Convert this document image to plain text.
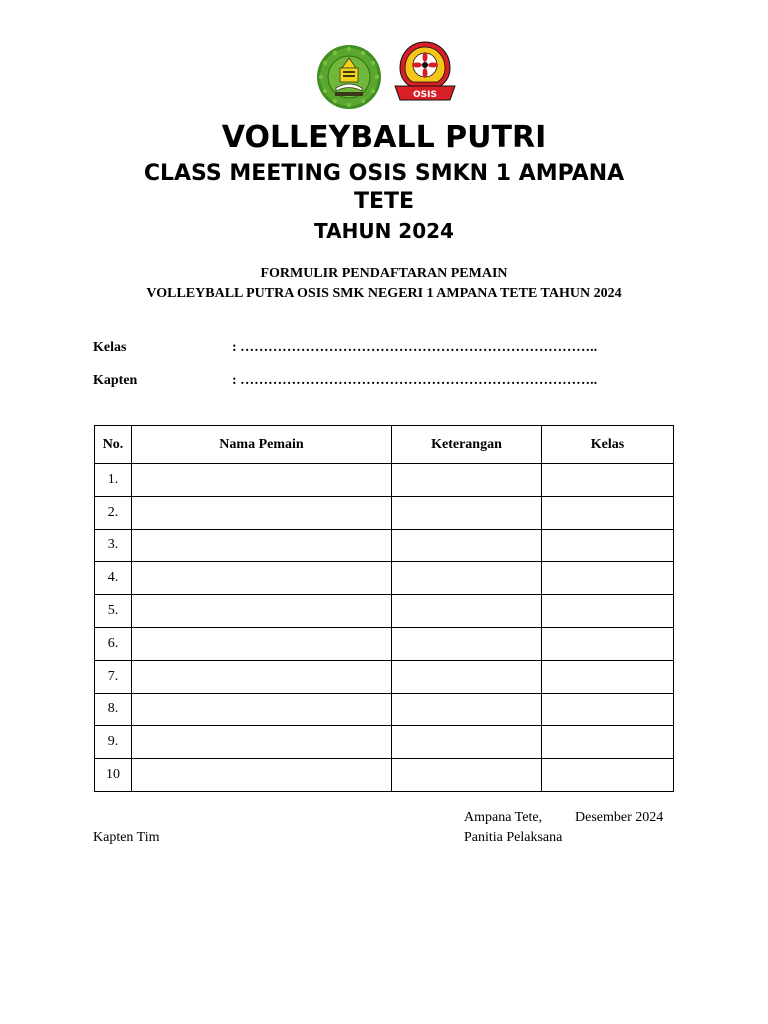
OSIS
VOLLEYBALL PUTRI
CLASS MEETING OSIS SMKN 1 AMPANA TETE
TAHUN 2024
FORMULIR PENDAFTARAN PEMAIN
VOLLEYBALL PUTRA OSIS SMK NEGERI 1 AMPANA TETE TAHUN 2024
Kelas	: …………………………………………………………………..
Kapten	: …………………………………………………………………..
No.	Nama Pemain	Keterangan	Kelas
1.			
2.			
3.			
4.			
5.			
6.			
7.			
8.			
9.			
10			
Ampana Tete, Desember 2024
Kapten Tim	Panitia Pelaksana
